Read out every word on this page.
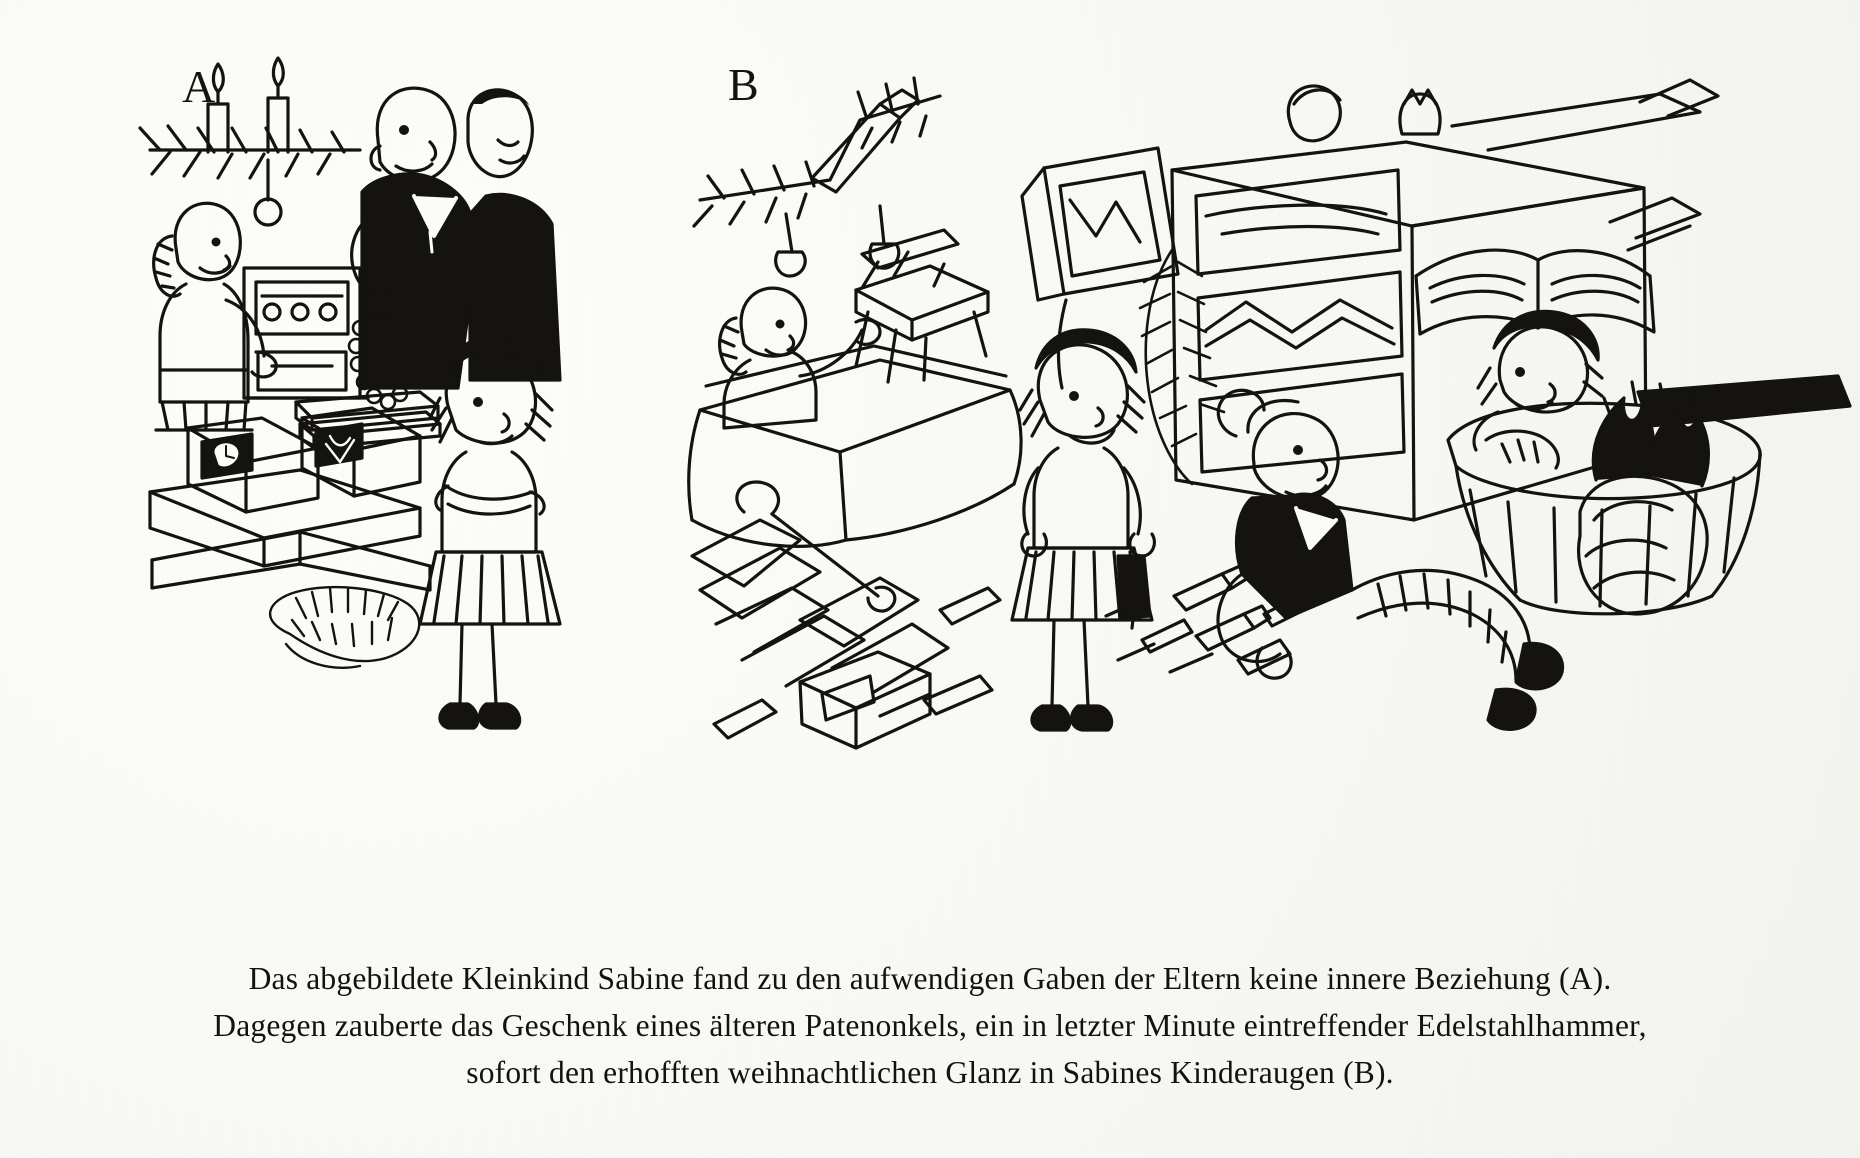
A	B
Das abgebildete Kleinkind Sabine fand zu den aufwendigen Gaben der Eltern keine innere Beziehung (A).
Dagegen zauberte das Geschenk eines älteren Patenonkels, ein in letzter Minute eintreffender Edelstahlhammer,
sofort den erhofften weihnachtlichen Glanz in Sabines Kinderaugen (B).
